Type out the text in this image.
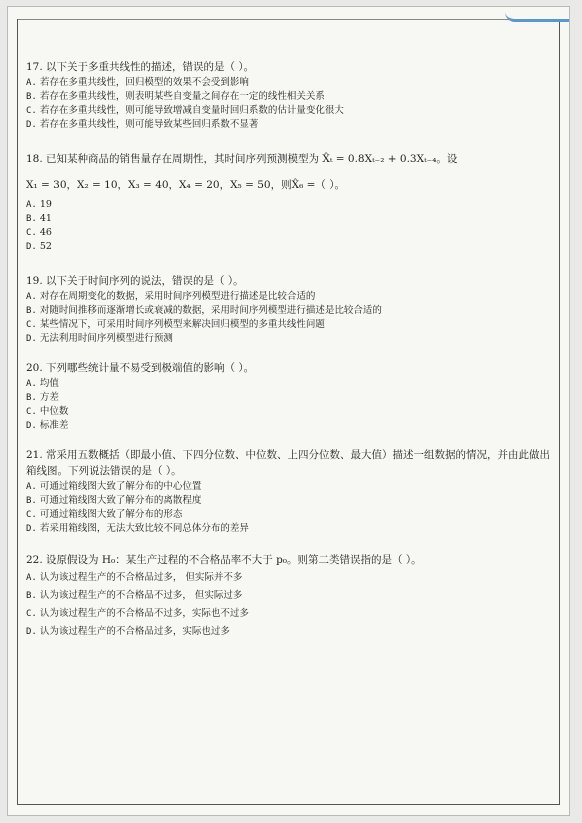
17. 以下关于多重共线性的描述，错误的是（ ）。

A. 若存在多重共线性，回归模型的效果不会受到影响

B. 若存在多重共线性，则表明某些自变量之间存在一定的线性相关关系

C. 若存在多重共线性，则可能导致增减自变量时回归系数的估计量变化很大

D. 若存在多重共线性，则可能导致某些回归系数不显著

18. 已知某种商品的销售量存在周期性，其时间序列预测模型为 X̂ₜ = 0.8Xₜ₋₂ + 0.3Xₜ₋₄。设

X₁ = 30，X₂ = 10，X₃ = 40，X₄ = 20，X₅ = 50，则X̂₆ =（ ）。

A. 19

B. 41

C. 46

D. 52

19. 以下关于时间序列的说法，错误的是（ ）。

A. 对存在周期变化的数据，采用时间序列模型进行描述是比较合适的

B. 对随时间推移而逐渐增长或衰减的数据，采用时间序列模型进行描述是比较合适的

C. 某些情况下，可采用时间序列模型来解决回归模型的多重共线性问题

D. 无法利用时间序列模型进行预测

20. 下列哪些统计量不易受到极端值的影响（ ）。

A. 均值

B. 方差

C. 中位数

D. 标准差

21. 常采用五数概括（即最小值、下四分位数、中位数、上四分位数、最大值）描述一组数据的情况，并由此做出箱线图。下列说法错误的是（ ）。

A. 可通过箱线图大致了解分布的中心位置

B. 可通过箱线图大致了解分布的离散程度

C. 可通过箱线图大致了解分布的形态

D. 若采用箱线图，无法大致比较不同总体分布的差异

22. 设原假设为 H₀：某生产过程的不合格品率不大于 p₀。则第二类错误指的是（ ）。

A. 认为该过程生产的不合格品过多， 但实际并不多

B. 认为该过程生产的不合格品不过多， 但实际过多

C. 认为该过程生产的不合格品不过多，实际也不过多

D. 认为该过程生产的不合格品过多，实际也过多
